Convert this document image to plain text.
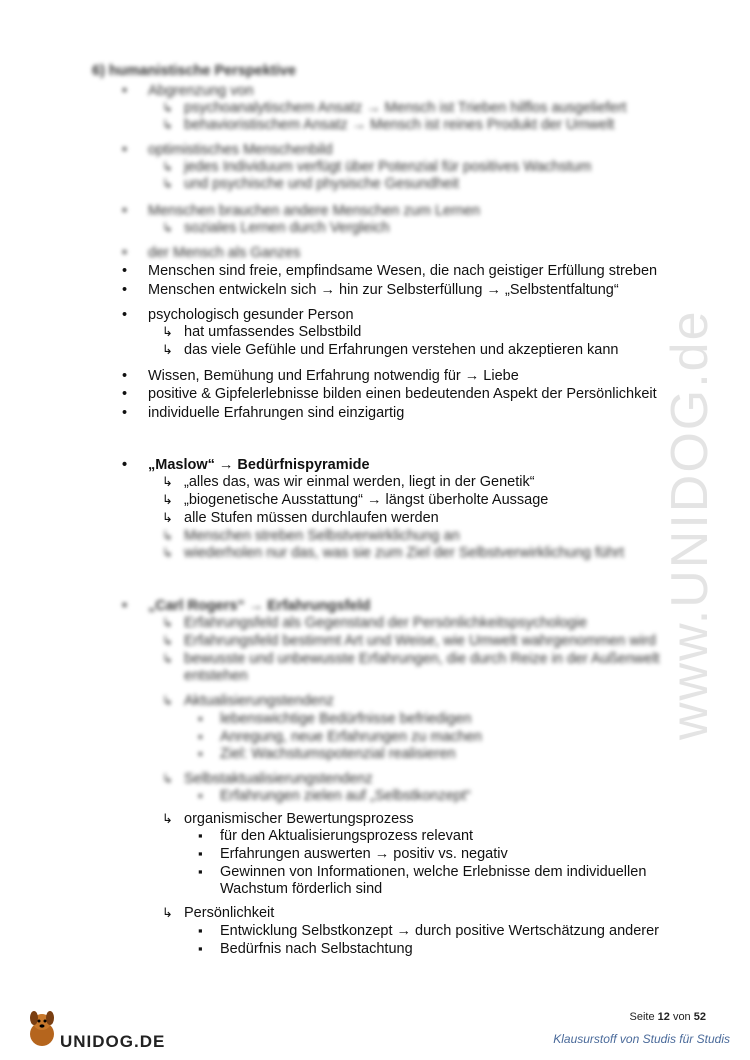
www.UNIDOG.de
6) humanistische Perspektive
• Abgrenzung von
↳ psychoanalytischem Ansatz → Mensch ist Trieben hilflos ausgeliefert
↳ behavioristischem Ansatz → Mensch ist reines Produkt der Umwelt
• optimistisches Menschenbild
↳ jedes Individuum verfügt über Potenzial für positives Wachstum
↳ und psychische und physische Gesundheit
• Menschen brauchen andere Menschen zum Lernen
↳ soziales Lernen durch Vergleich
• der Mensch als Ganzes
• Menschen sind freie, empfindsame Wesen, die nach geistiger Erfüllung streben
• Menschen entwickeln sich → hin zur Selbsterfüllung → „Selbstentfaltung“
• psychologisch gesunder Person
↳ hat umfassendes Selbstbild
↳ das viele Gefühle und Erfahrungen verstehen und akzeptieren kann
• Wissen, Bemühung und Erfahrung notwendig für → Liebe
• positive & Gipfelerlebnisse bilden einen bedeutenden Aspekt der Persönlichkeit
• individuelle Erfahrungen sind einzigartig
• „Maslow“ → Bedürfnispyramide
↳ „alles das, was wir einmal werden, liegt in der Genetik“
↳ „biogenetische Ausstattung“ → längst überholte Aussage
↳ alle Stufen müssen durchlaufen werden
↳ Menschen streben Selbstverwirklichung an
↳ wiederholen nur das, was sie zum Ziel der Selbstverwirklichung führt
• „Carl Rogers“ → Erfahrungsfeld
↳ Erfahrungsfeld als Gegenstand der Persönlichkeitspsychologie
↳ Erfahrungsfeld bestimmt Art und Weise, wie Umwelt wahrgenommen wird
↳ bewusste und unbewusste Erfahrungen, die durch Reize in der Außenwelt
entstehen
↳ Aktualisierungstendenz
▪ lebenswichtige Bedürfnisse befriedigen
▪ Anregung, neue Erfahrungen zu machen
▪ Ziel: Wachstumspotenzial realisieren
↳ Selbstaktualisierungstendenz
▪ Erfahrungen zielen auf „Selbstkonzept“
↳ organismischer Bewertungsprozess
▪ für den Aktualisierungsprozess relevant
▪ Erfahrungen auswerten → positiv vs. negativ
▪ Gewinnen von Informationen, welche Erlebnisse dem individuellen
Wachstum förderlich sind
↳ Persönlichkeit
▪ Entwicklung Selbstkonzept → durch positive Wertschätzung anderer
▪ Bedürfnis nach Selbstachtung
UNIDOG.DE
Seite 12 von 52
Klausurstoff von Studis für Studis
